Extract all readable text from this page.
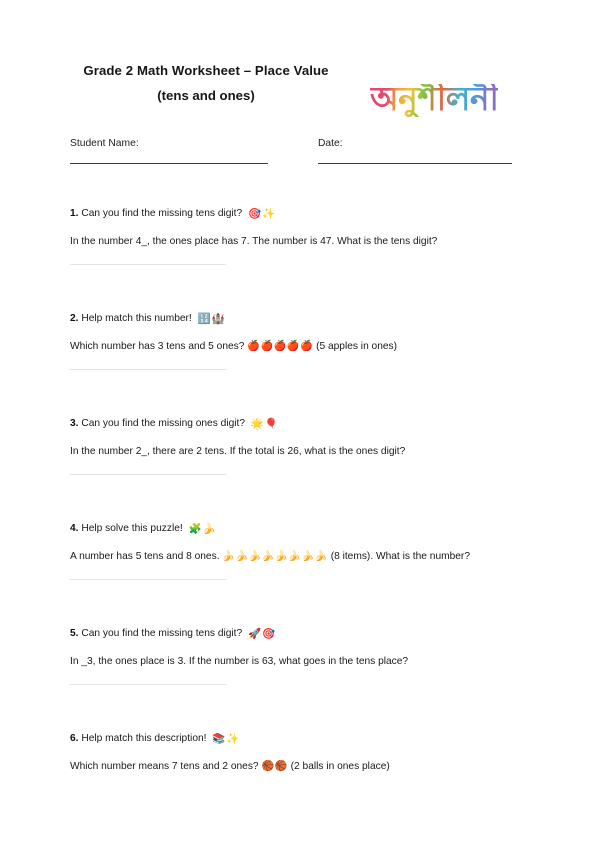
Grade 2 Math Worksheet – Place Value
(tens and ones)	অনুশীলনী
Student Name:	Date:
1. Can you find the missing tens digit? 🎯✨
In the number 4_, the ones place has 7. The number is 47. What is the tens digit?
2. Help match this number! 🔢🏰
Which number has 3 tens and 5 ones? 🍎🍎🍎🍎🍎 (5 apples in ones)
3. Can you find the missing ones digit? 🌟🎈
In the number 2_, there are 2 tens. If the total is 26, what is the ones digit?
4. Help solve this puzzle! 🧩🍌
A number has 5 tens and 8 ones. 🍌🍌🍌🍌🍌🍌🍌🍌 (8 items). What is the number?
5. Can you find the missing tens digit? 🚀🎯
In _3, the ones place is 3. If the number is 63, what goes in the tens place?
6. Help match this description! 📚✨
Which number means 7 tens and 2 ones? 🏀🏀 (2 balls in ones place)
